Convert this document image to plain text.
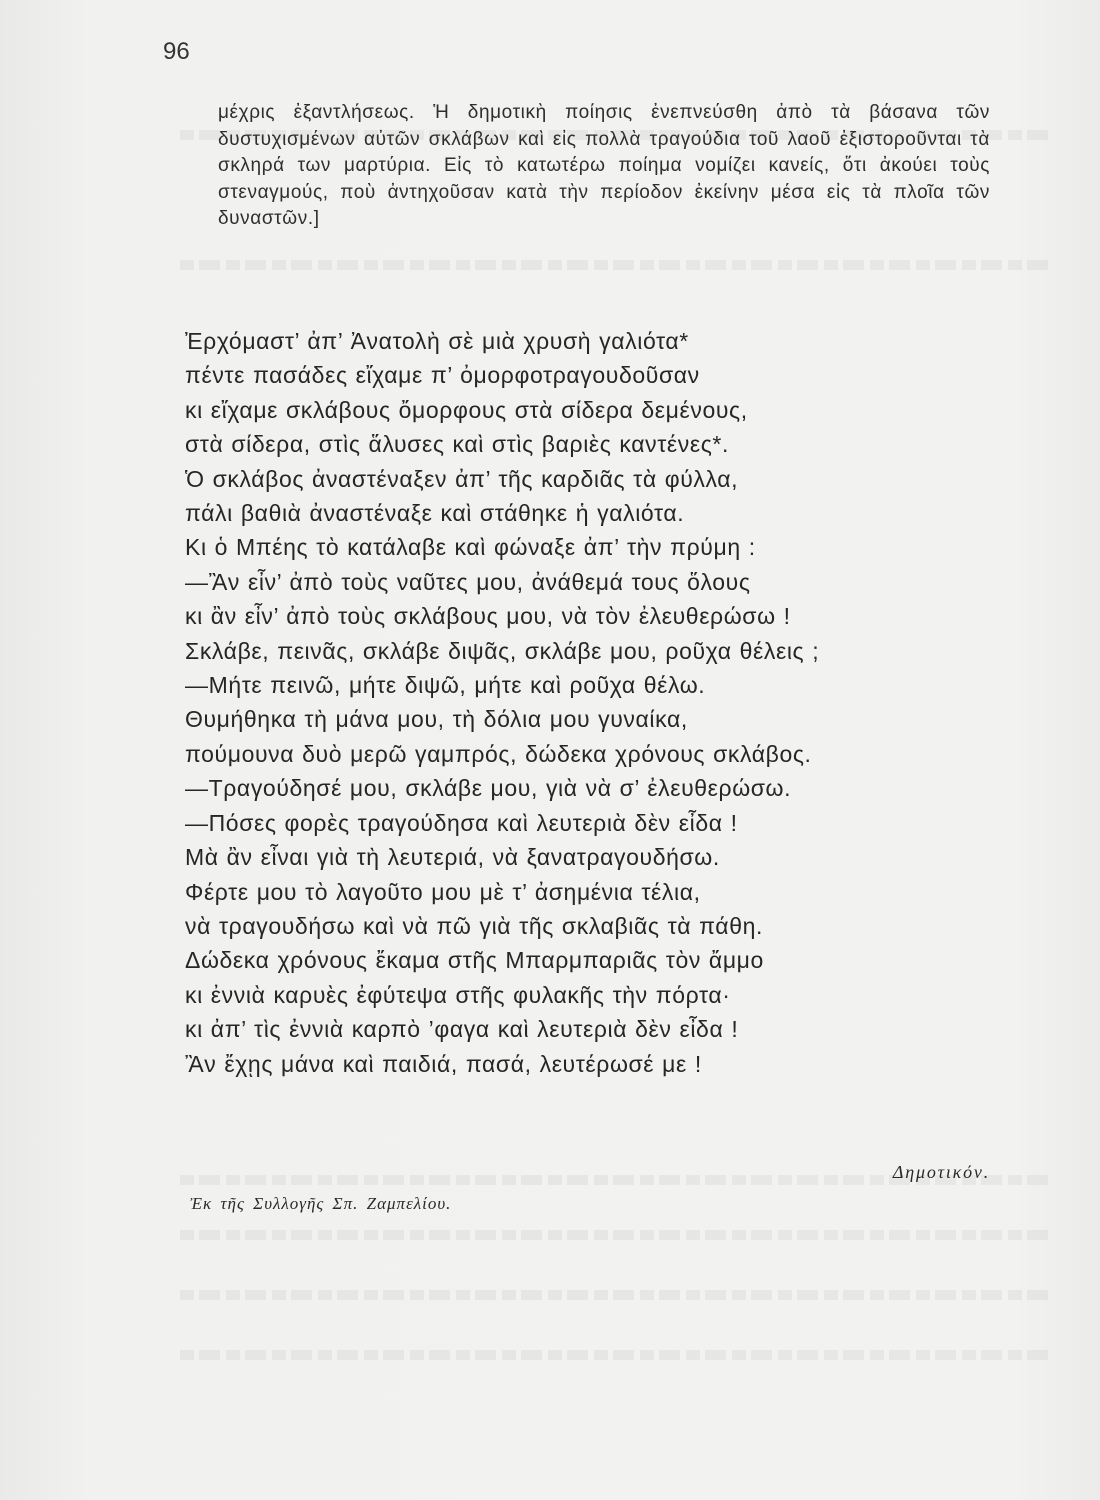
96
μέχρις ἐξαντλήσεως. Ἡ δημοτικὴ ποίησις ἐνεπνεύσθη ἀπὸ τὰ βάσανα τῶν δυστυχισμένων αὐτῶν σκλάβων καὶ εἰς πολλὰ τραγούδια τοῦ λαοῦ ἐξιστοροῦνται τὰ σκληρά των μαρτύρια. Εἰς τὸ κατωτέρω ποίημα νομίζει κανείς, ὅτι ἀκούει τοὺς στεναγμούς, ποὺ ἀντηχοῦσαν κατὰ τὴν περίοδον ἐκείνην μέσα εἰς τὰ πλοῖα τῶν δυναστῶν.]
Ἐρχόμαστ’ ἀπ’ Ἀνατολὴ σὲ μιὰ χρυσὴ γαλιότα*
πέντε πασάδες εἴχαμε π’ ὀμορφοτραγουδοῦσαν
κι εἴχαμε σκλάβους ὄμορφους στὰ σίδερα δεμένους,
στὰ σίδερα, στὶς ἅλυσες καὶ στὶς βαριὲς καντένες*.
Ὁ σκλάβος ἀναστέναξεν ἀπ’ τῆς καρδιᾶς τὰ φύλλα,
πάλι βαθιὰ ἀναστέναξε καὶ στάθηκε ἡ γαλιότα.
Κι ὁ Μπέης τὸ κατάλαβε καὶ φώναξε ἀπ’ τὴν πρύμη :
—Ἂν εἶν’ ἀπὸ τοὺς ναῦτες μου, ἀνάθεμά τους ὅλους
κι ἂν εἶν’ ἀπὸ τοὺς σκλάβους μου, νὰ τὸν ἐλευθερώσω !
Σκλάβε, πεινᾶς, σκλάβε διψᾶς, σκλάβε μου, ροῦχα θέλεις ;
—Μήτε πεινῶ, μήτε διψῶ, μήτε καὶ ροῦχα θέλω.
Θυμήθηκα τὴ μάνα μου, τὴ δόλια μου γυναίκα,
πούμουνα δυὸ μερῶ γαμπρός, δώδεκα χρόνους σκλάβος.
—Τραγούδησέ μου, σκλάβε μου, γιὰ νὰ σ’ ἐλευθερώσω.
—Πόσες φορὲς τραγούδησα καὶ λευτεριὰ δὲν εἶδα !
Μὰ ἂν εἶναι γιὰ τὴ λευτεριά, νὰ ξανατραγουδήσω.
Φέρτε μου τὸ λαγοῦτο μου μὲ τ’ ἀσημένια τέλια,
νὰ τραγουδήσω καὶ νὰ πῶ γιὰ τῆς σκλαβιᾶς τὰ πάθη.
Δώδεκα χρόνους ἔκαμα στῆς Μπαρμπαριᾶς τὸν ἄμμο
κι ἐννιὰ καρυὲς ἐφύτεψα στῆς φυλακῆς τὴν πόρτα·
κι ἀπ’ τὶς ἐννιὰ καρπὸ ’φαγα καὶ λευτεριὰ δὲν εἶδα !
Ἂν ἔχῃς μάνα καὶ παιδιά, πασά, λευτέρωσέ με !
Δημοτικόν.
Ἐκ τῆς Συλλογῆς Σπ. Ζαμπελίου.
